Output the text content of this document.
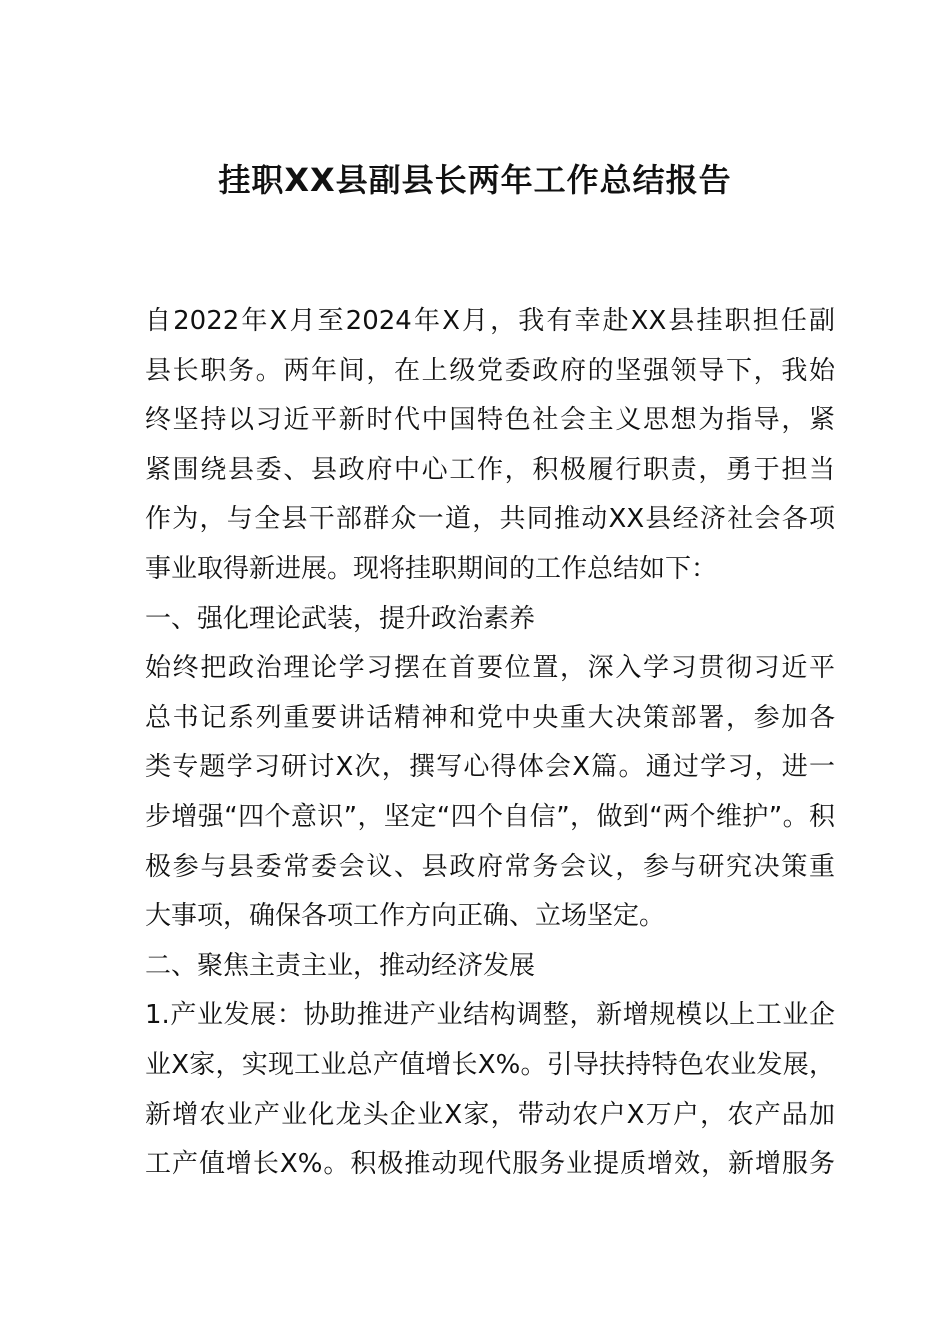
挂职XX县副县长两年工作总结报告
自2022年X月至2024年X月，我有幸赴XX县挂职担任副
县长职务。两年间，在上级党委政府的坚强领导下，我始
终坚持以习近平新时代中国特色社会主义思想为指导，紧
紧围绕县委、县政府中心工作，积极履行职责，勇于担当
作为，与全县干部群众一道，共同推动XX县经济社会各项
事业取得新进展。现将挂职期间的工作总结如下：
一、强化理论武装，提升政治素养
始终把政治理论学习摆在首要位置，深入学习贯彻习近平
总书记系列重要讲话精神和党中央重大决策部署，参加各
类专题学习研讨X次，撰写心得体会X篇。通过学习，进一
步增强“四个意识”，坚定“四个自信”，做到“两个维护”。积
极参与县委常委会议、县政府常务会议，参与研究决策重
大事项，确保各项工作方向正确、立场坚定。
二、聚焦主责主业，推动经济发展
1.产业发展：协助推进产业结构调整，新增规模以上工业企
业X家，实现工业总产值增长X%。引导扶持特色农业发展，
新增农业产业化龙头企业X家，带动农户X万户，农产品加
工产值增长X%。积极推动现代服务业提质增效，新增服务
